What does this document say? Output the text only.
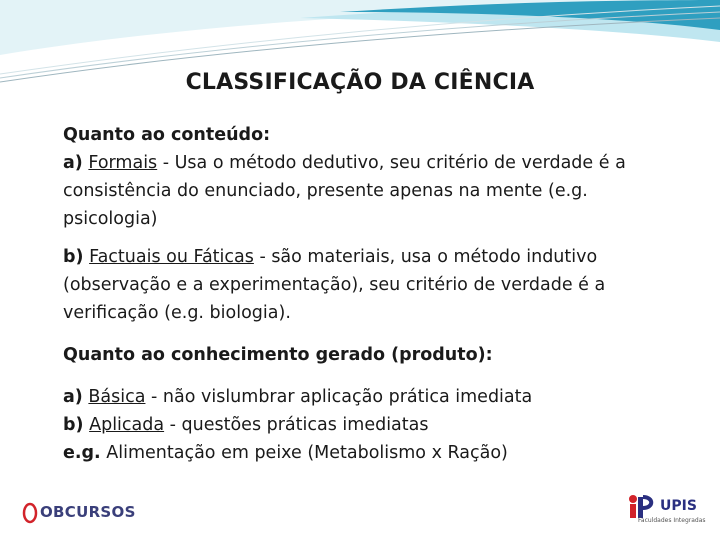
CLASSIFICAÇÃO DA CIÊNCIA

Quanto ao conteúdo:

a) Formais - Usa o método dedutivo, seu critério de verdade é a consistência do enunciado, presente apenas na mente (e.g. psicologia)

b) Factuais ou Fáticas - são materiais, usa o método indutivo (observação e a experimentação), seu critério de verdade é a verificação (e.g. biologia).

Quanto ao conhecimento gerado (produto):

a) Básica - não vislumbrar aplicação prática imediata

b) Aplicada - questões práticas imediatas

e.g. Alimentação em peixe (Metabolismo x Ração)

OBCURSOS	UPIS
Faculdades Integradas
